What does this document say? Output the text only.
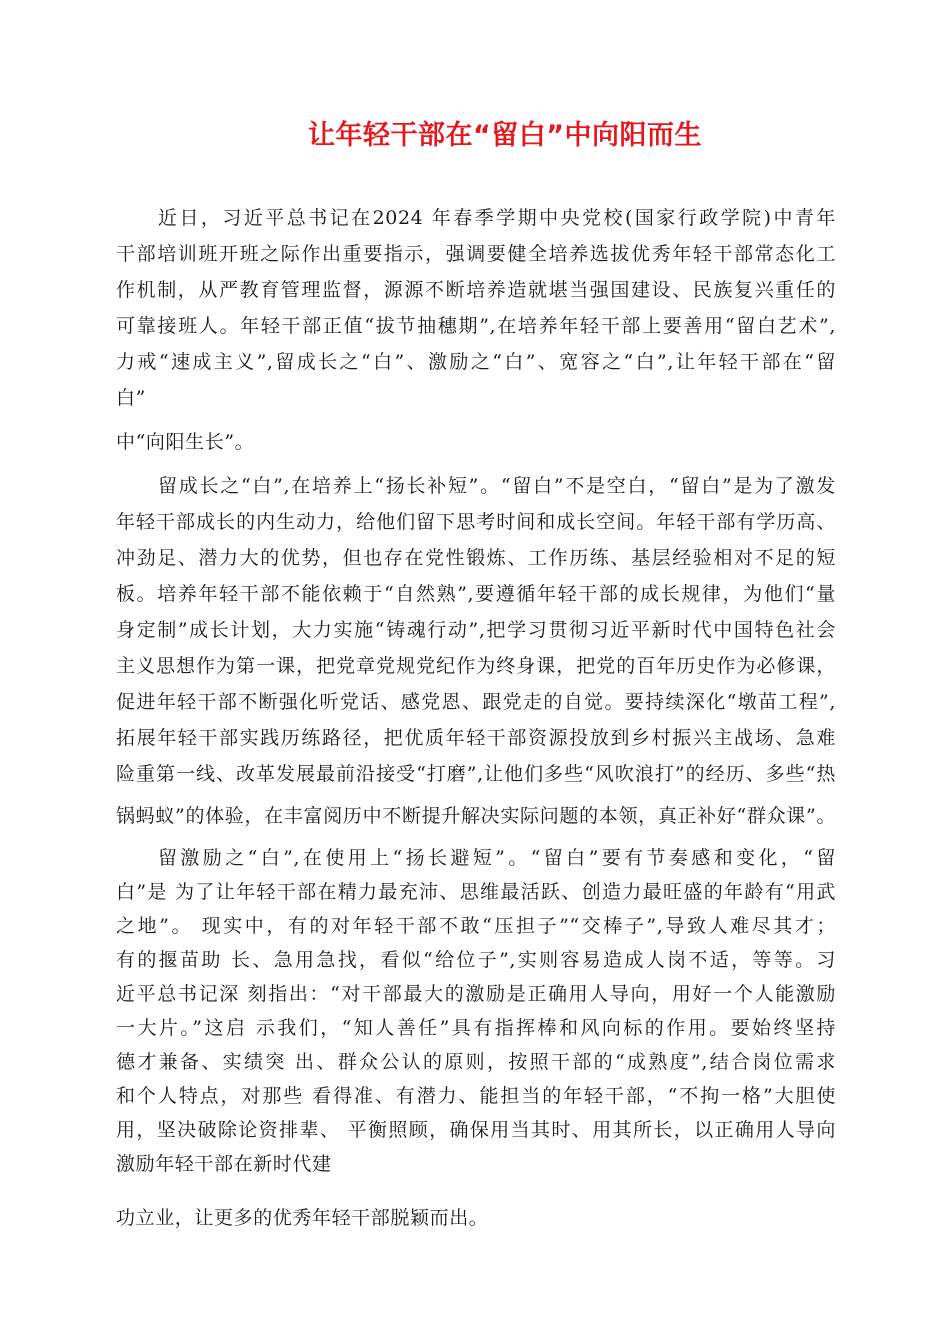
让年轻干部在“留白”中向阳而生
近日，习近平总书记在2024 年春季学期中央党校(国家行政学院)中青年
干部培训班开班之际作出重要指示，强调要健全培养选拔优秀年轻干部常态化工
作机制，从严教育管理监督，源源不断培养造就堪当强国建设、民族复兴重任的
可靠接班人。年轻干部正值“拔节抽穗期”,在培养年轻干部上要善用“留白艺术”,
力戒“速成主义”,留成长之“白”、激励之“白”、宽容之“白”,让年轻干部在“留
白”
中“向阳生长”。
留成长之“白”,在培养上“扬长补短”。“留白”不是空白，“留白”是为了激发
年轻干部成长的内生动力，给他们留下思考时间和成长空间。年轻干部有学历高、
冲劲足、潜力大的优势，但也存在党性锻炼、工作历练、基层经验相对不足的短
板。培养年轻干部不能依赖于“自然熟”,要遵循年轻干部的成长规律，为他们“量
身定制”成长计划，大力实施“铸魂行动”,把学习贯彻习近平新时代中国特色社会
主义思想作为第一课，把党章党规党纪作为终身课，把党的百年历史作为必修课，
促进年轻干部不断强化听党话、感党恩、跟党走的自觉。要持续深化“墩苗工程”,
拓展年轻干部实践历练路径，把优质年轻干部资源投放到乡村振兴主战场、急难
险重第一线、改革发展最前沿接受“打磨”,让他们多些“风吹浪打”的经历、多些“热
锅蚂蚁”的体验，在丰富阅历中不断提升解决实际问题的本领，真正补好“群众课”。
留激励之“白”,在使用上“扬长避短”。“留白”要有节奏感和变化，“留
白”是 为了让年轻干部在精力最充沛、思维最活跃、创造力最旺盛的年龄有“用武
之地”。 现实中，有的对年轻干部不敢“压担子”“交棒子”,导致人难尽其才；
有的揠苗助 长、急用急找，看似“给位子”,实则容易造成人岗不适，等等。习
近平总书记深 刻指出：“对干部最大的激励是正确用人导向，用好一个人能激励
一大片。”这启 示我们，“知人善任”具有指挥棒和风向标的作用。要始终坚持
德才兼备、实绩突 出、群众公认的原则，按照干部的“成熟度”,结合岗位需求
和个人特点，对那些 看得准、有潜力、能担当的年轻干部，“不拘一格”大胆使
用，坚决破除论资排辈、 平衡照顾，确保用当其时、用其所长，以正确用人导向
激励年轻干部在新时代建
功立业，让更多的优秀年轻干部脱颖而出。
